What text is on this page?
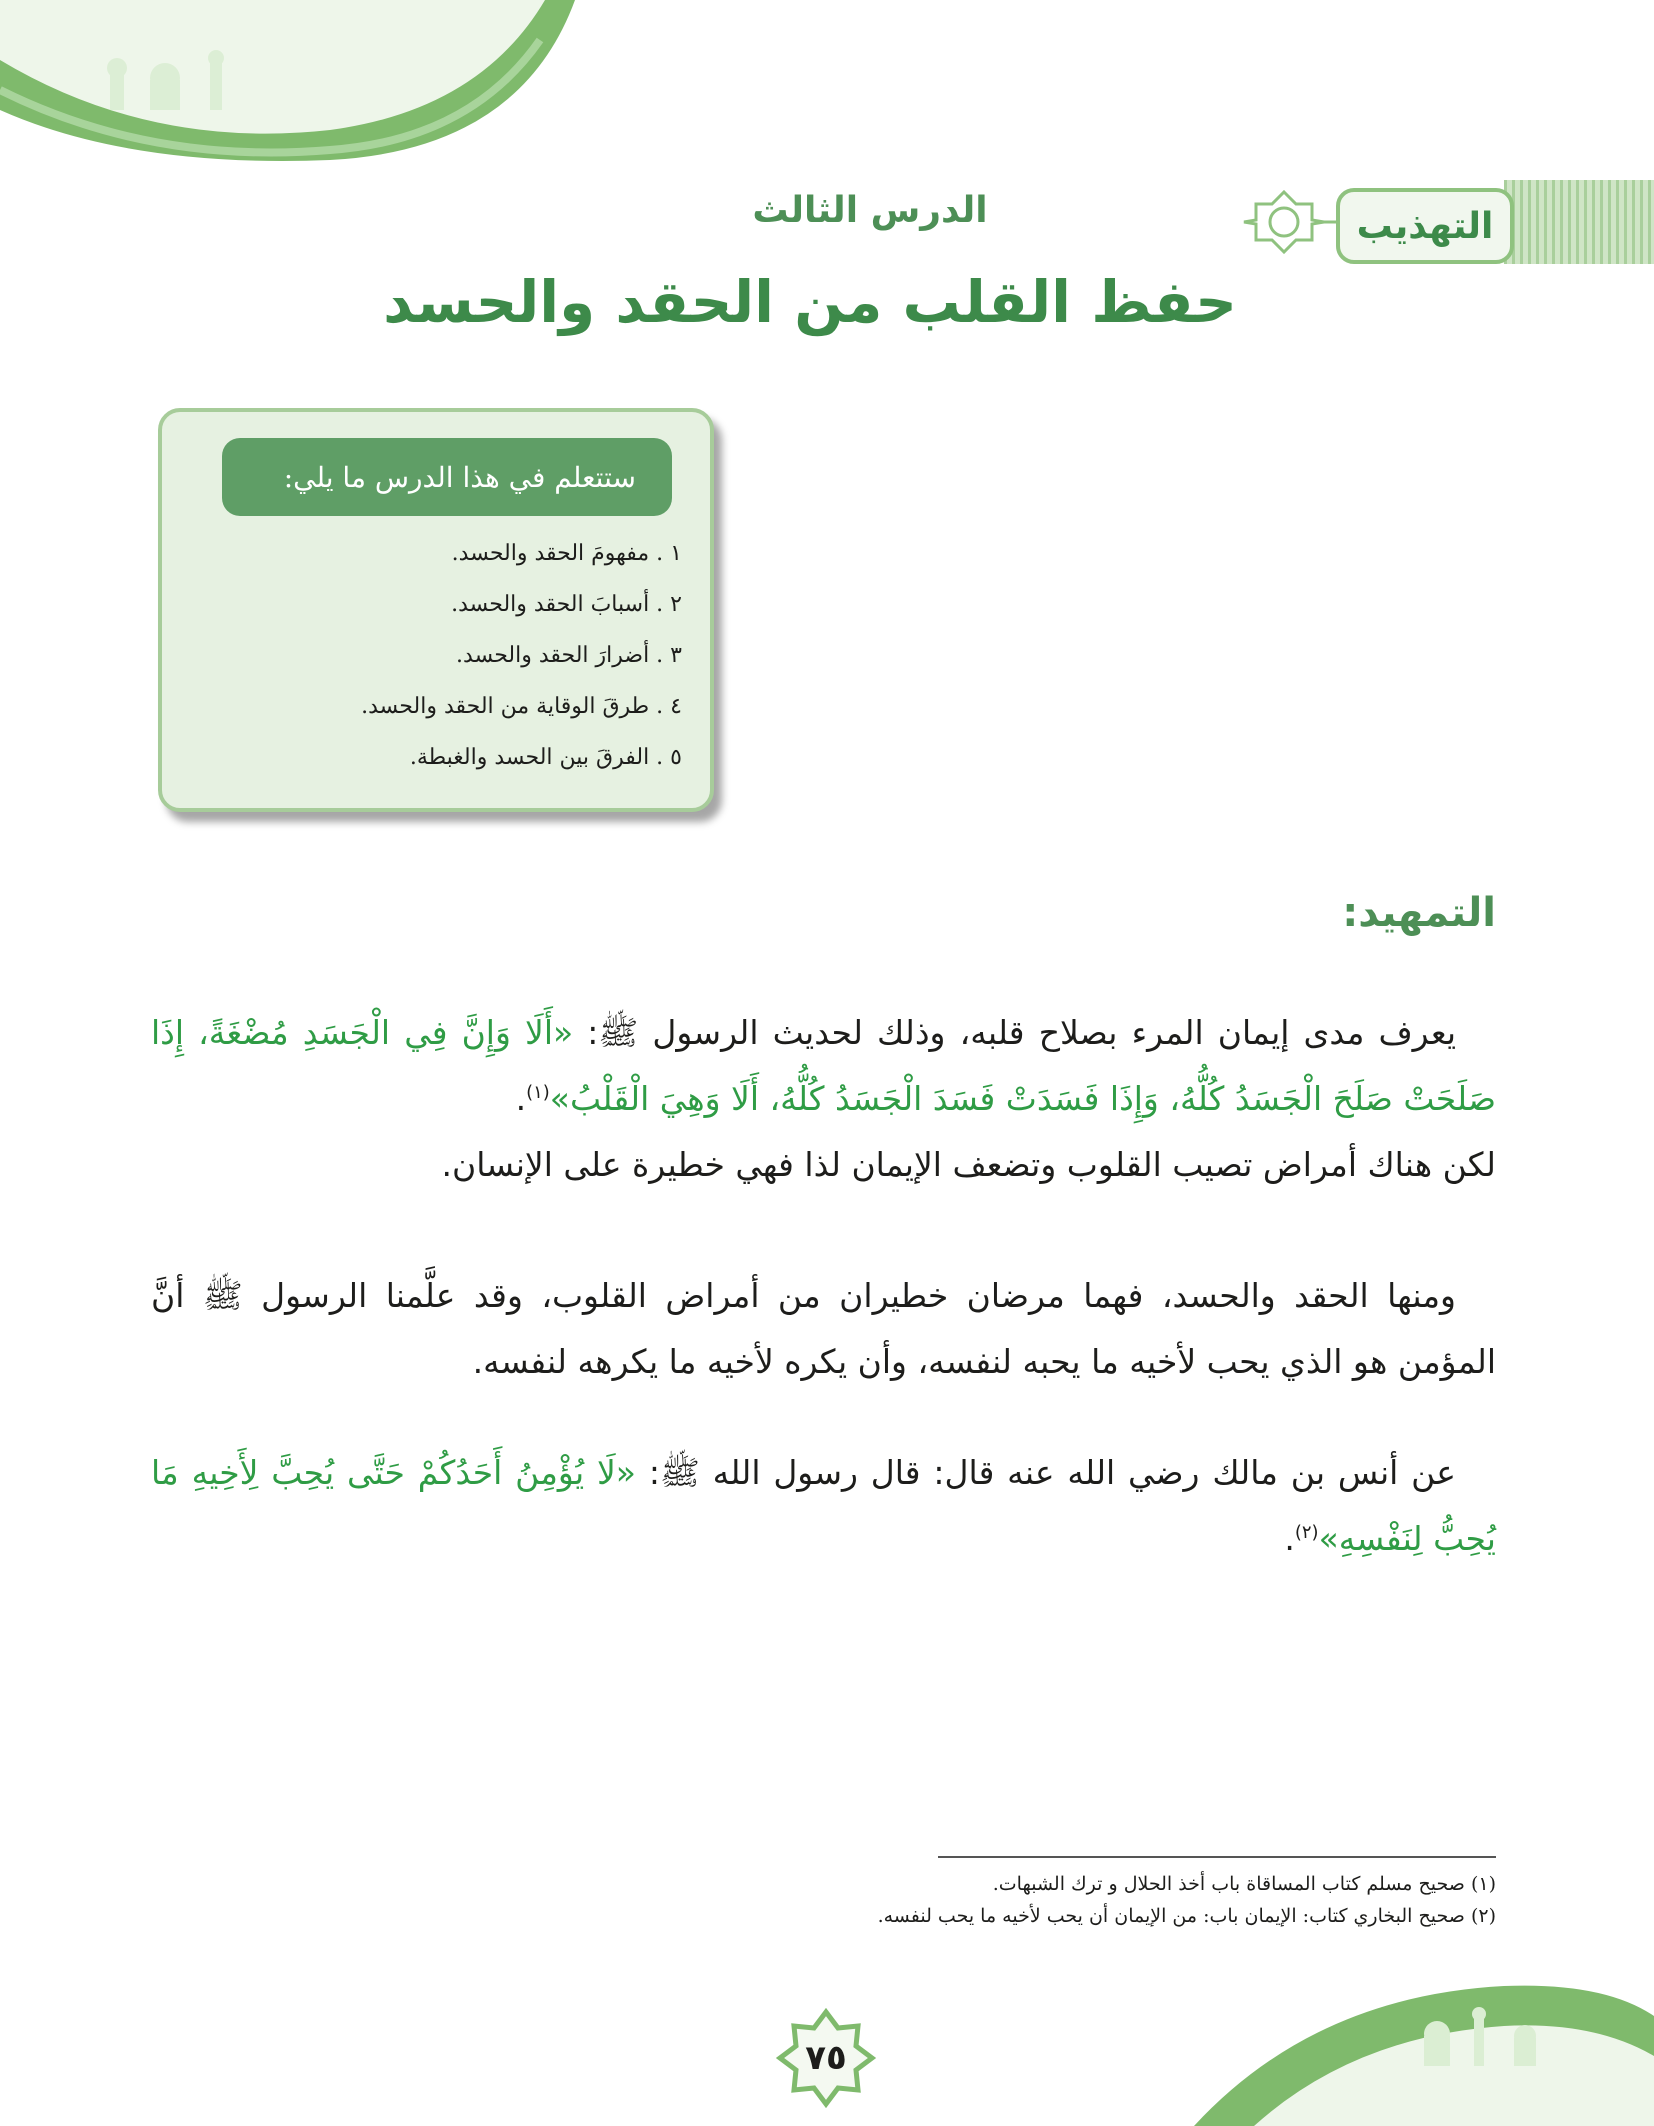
التهذيب
الدرس الثالث
حفظ القلب من الحقد والحسد
ستتعلم في هذا الدرس ما يلي:
١ . مفهومَ الحقد والحسد.
٢ . أسبابَ الحقد والحسد.
٣ . أضرارَ الحقد والحسد.
٤ . طرقَ الوقاية من الحقد والحسد.
٥ . الفرقَ بين الحسد والغبطة.
التمهيد:

يعرف مدى إيمان المرء بصلاح قلبه، وذلك لحديث الرسول ﷺ: «أَلَا وَإِنَّ فِي الْجَسَدِ مُضْغَةً، إِذَا صَلَحَتْ صَلَحَ الْجَسَدُ كُلُّهُ، وَإِذَا فَسَدَتْ فَسَدَ الْجَسَدُ كُلُّهُ، أَلَا وَهِيَ الْقَلْبُ»$^{(١)}$.
لكن هناك أمراض تصيب القلوب وتضعف الإيمان لذا فهي خطيرة على الإنسان.

ومنها الحقد والحسد، فهما مرضان خطيران من أمراض القلوب، وقد علَّمنا الرسول ﷺ أنَّ المؤمن هو الذي يحب لأخيه ما يحبه لنفسه، وأن يكره لأخيه ما يكرهه لنفسه.

عن أنس بن مالك رضي الله عنه قال: قال رسول الله ﷺ: «لَا يُؤْمِنُ أَحَدُكُمْ حَتَّى يُحِبَّ لِأَخِيهِ مَا يُحِبُّ لِنَفْسِهِ»$^{(٢)}$.

(١) صحيح مسلم كتاب المساقاة باب أخذ الحلال و ترك الشبهات.
(٢) صحيح البخاري كتاب: الإيمان باب: من الإيمان أن يحب لأخيه ما يحب لنفسه.
٧٥
